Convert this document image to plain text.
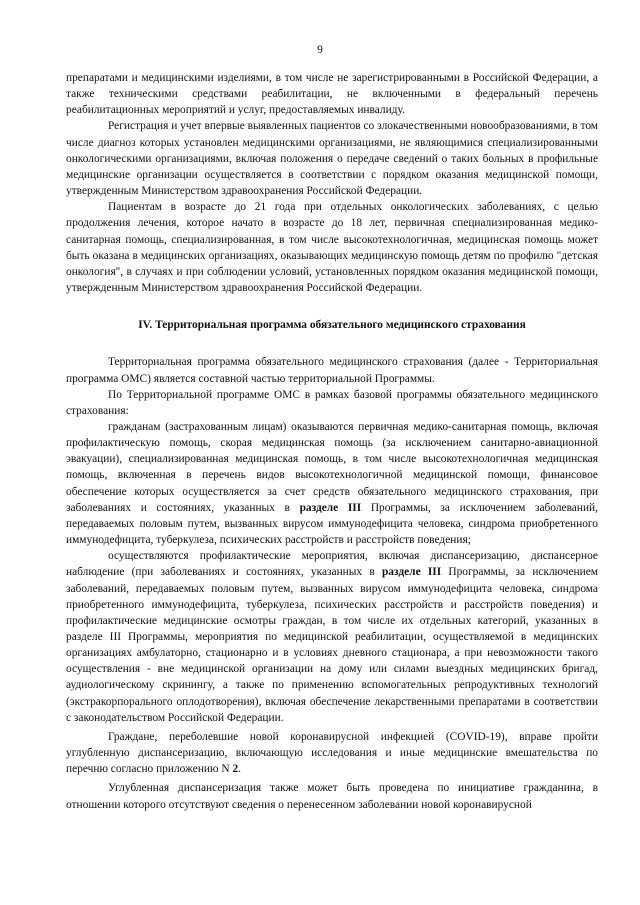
9

препаратами и медицинскими изделиями, в том числе не зарегистрированными в Российской Федерации, а также техническими средствами реабилитации, не включенными в федеральный перечень реабилитационных мероприятий и услуг, предоставляемых инвалиду.

Регистрация и учет впервые выявленных пациентов со злокачественными новообразованиями, в том числе диагноз которых установлен медицинскими организациями, не являющимися специализированными онкологическими организациями, включая положения о передаче сведений о таких больных в профильные медицинские организации осуществляется в соответствии с порядком оказания медицинской помощи, утвержденным Министерством здравоохранения Российской Федерации.

Пациентам в возрасте до 21 года при отдельных онкологических заболеваниях, с целью продолжения лечения, которое начато в возрасте до 18 лет, первичная специализированная медико-санитарная помощь, специализированная, в том числе высокотехнологичная, медицинская помощь может быть оказана в медицинских организациях, оказывающих медицинскую помощь детям по профилю "детская онкология", в случаях и при соблюдении условий, установленных порядком оказания медицинской помощи, утвержденным Министерством здравоохранения Российской Федерации.

IV. Территориальная программа обязательного медицинского страхования

Территориальная программа обязательного медицинского страхования (далее - Территориальная программа ОМС) является составной частью территориальной Программы.

По Территориальной программе ОМС в рамках базовой программы обязательного медицинского страхования:

гражданам (застрахованным лицам) оказываются первичная медико-санитарная помощь, включая профилактическую помощь, скорая медицинская помощь (за исключением санитарно-авиационной эвакуации), специализированная медицинская помощь, в том числе высокотехнологичная медицинская помощь, включенная в перечень видов высокотехнологичной медицинской помощи, финансовое обеспечение которых осуществляется за счет средств обязательного медицинского страхования, при заболеваниях и состояниях, указанных в разделе III Программы, за исключением заболеваний, передаваемых половым путем, вызванных вирусом иммунодефицита человека, синдрома приобретенного иммунодефицита, туберкулеза, психических расстройств и расстройств поведения;

осуществляются профилактические мероприятия, включая диспансеризацию, диспансерное наблюдение (при заболеваниях и состояниях, указанных в разделе III Программы, за исключением заболеваний, передаваемых половым путем, вызванных вирусом иммунодефицита человека, синдрома приобретенного иммунодефицита, туберкулеза, психических расстройств и расстройств поведения) и профилактические медицинские осмотры граждан, в том числе их отдельных категорий, указанных в разделе III Программы, мероприятия по медицинской реабилитации, осуществляемой в медицинских организациях амбулаторно, стационарно и в условиях дневного стационара, а при невозможности такого осуществления - вне медицинской организации на дому или силами выездных медицинских бригад, аудиологическому скринингу, а также по применению вспомогательных репродуктивных технологий (экстракорпорального оплодотворения), включая обеспечение лекарственными препаратами в соответствии с законодательством Российской Федерации.

Граждане, переболевшие новой коронавирусной инфекцией (COVID-19), вправе пройти углубленную диспансеризацию, включающую исследования и иные медицинские вмешательства по перечню согласно приложению N 2.

Углубленная диспансеризация также может быть проведена по инициативе гражданина, в отношении которого отсутствуют сведения о перенесенном заболевании новой коронавирусной
